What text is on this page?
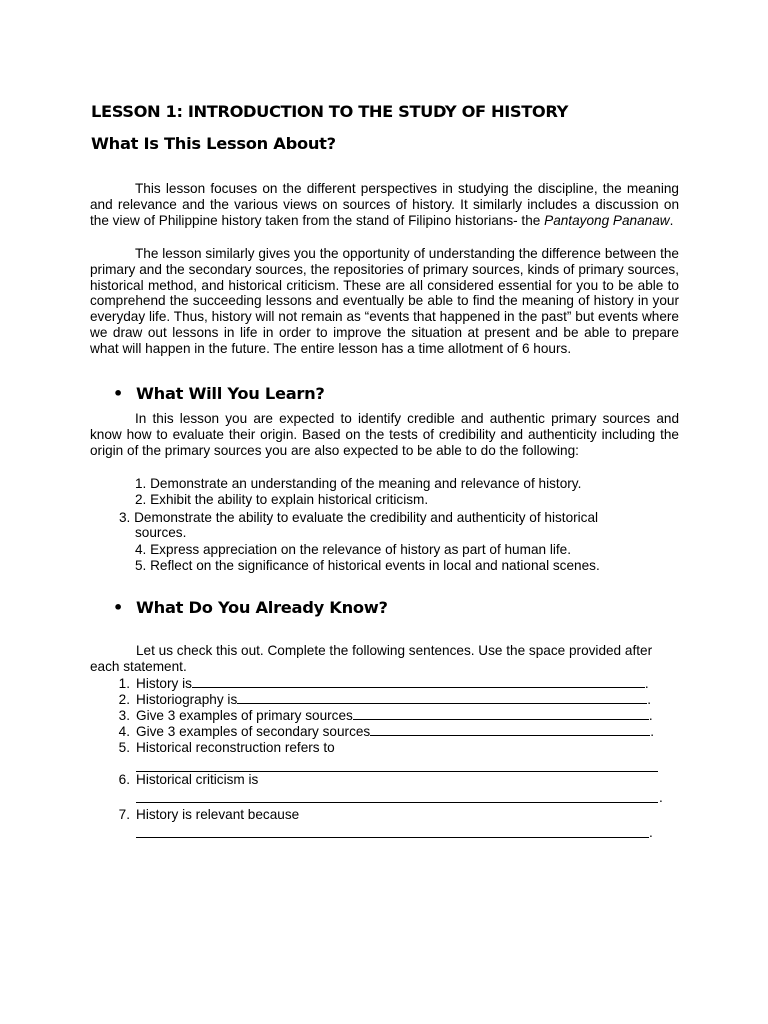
LESSON 1: INTRODUCTION TO THE STUDY OF HISTORY
What Is This Lesson About?
This lesson focuses on the different perspectives in studying the discipline, the meaning and relevance and the various views on sources of history. It similarly includes a discussion on the view of Philippine history taken from the stand of Filipino historians- the Pantayong Pananaw.
The lesson similarly gives you the opportunity of understanding the difference between the primary and the secondary sources, the repositories of primary sources, kinds of primary sources, historical method, and historical criticism. These are all considered essential for you to be able to comprehend the succeeding lessons and eventually be able to find the meaning of history in your everyday life. Thus, history will not remain as “events that happened in the past” but events where we draw out lessons in life in order to improve the situation at present and be able to prepare what will happen in the future. The entire lesson has a time allotment of 6 hours.
• What Will You Learn?
In this lesson you are expected to identify credible and authentic primary sources and know how to evaluate their origin. Based on the tests of credibility and authenticity including the origin of the primary sources you are also expected to be able to do the following:
1. Demonstrate an understanding of the meaning and relevance of history.
2. Exhibit the ability to explain historical criticism.
3. Demonstrate the ability to evaluate the credibility and authenticity of historical
sources.
4. Express appreciation on the relevance of history as part of human life.
5. Reflect on the significance of historical events in local and national scenes.
• What Do You Already Know?
Let us check this out. Complete the following sentences. Use the space provided after
each statement.
1. History is	.
2. Historiography is	.
3. Give 3 examples of primary sources	.
4. Give 3 examples of secondary sources	.
5. Historical reconstruction refers to
6. Historical criticism is
.
7. History is relevant because
.
